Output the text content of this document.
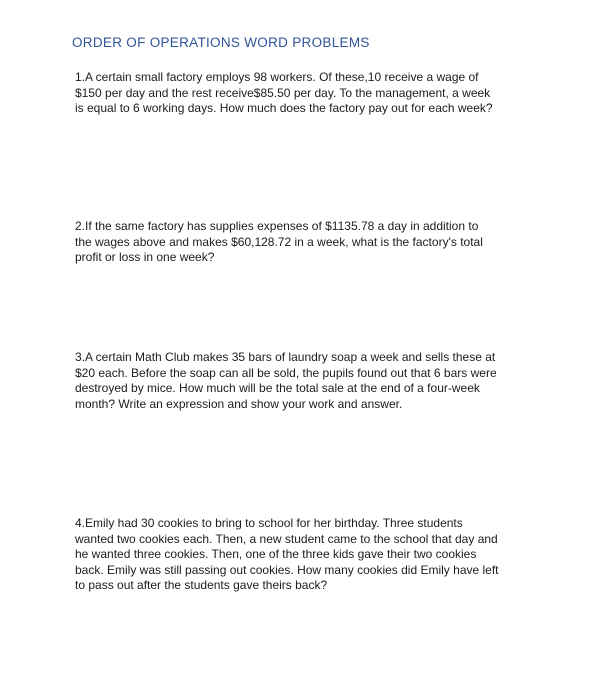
ORDER OF OPERATIONS WORD PROBLEMS
1.A certain small factory employs 98 workers. Of these,10 receive a wage of
$150 per day and the rest receive$85.50 per day. To the management, a week
is equal to 6 working days. How much does the factory pay out for each week?
2.If the same factory has supplies expenses of $1135.78 a day in addition to
the wages above and makes $60,128.72 in a week, what is the factory's total
profit or loss in one week?
3.A certain Math Club makes 35 bars of laundry soap a week and sells these at
$20 each. Before the soap can all be sold, the pupils found out that 6 bars were
destroyed by mice. How much will be the total sale at the end of a four-week
month? Write an expression and show your work and answer.
4.Emily had 30 cookies to bring to school for her birthday. Three students
wanted two cookies each. Then, a new student came to the school that day and
he wanted three cookies. Then, one of the three kids gave their two cookies
back. Emily was still passing out cookies. How many cookies did Emily have left
to pass out after the students gave theirs back?
